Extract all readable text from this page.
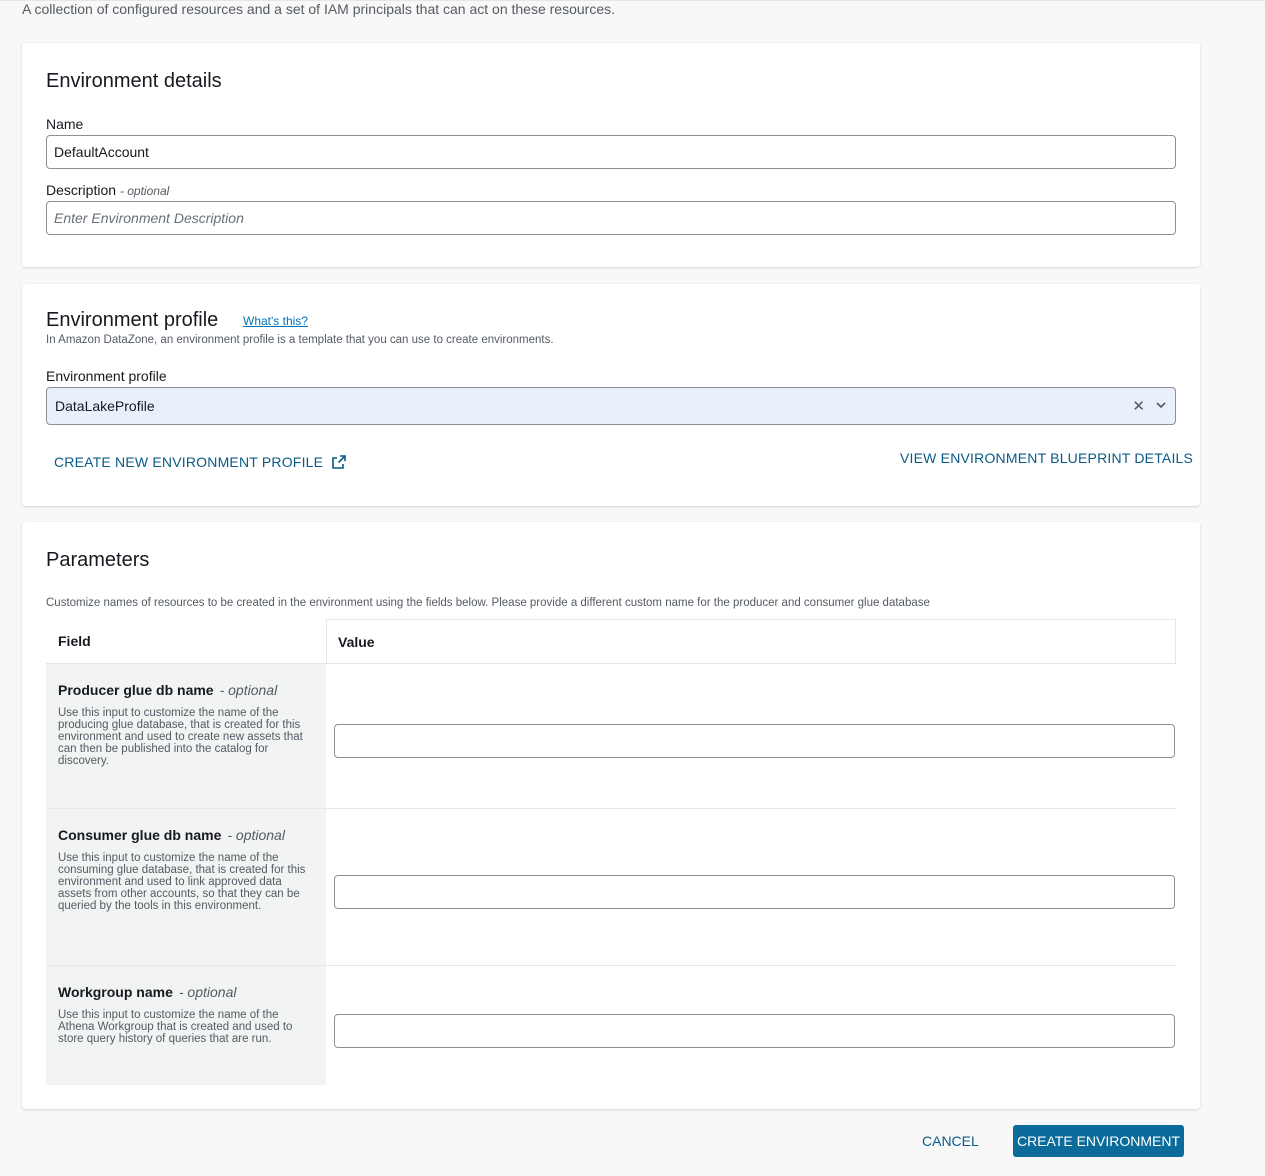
A collection of configured resources and a set of IAM principals that can act on these resources.
Environment details
Name
DefaultAccount
Description - optional
Enter Environment Description
Environment profile What's this?
In Amazon DataZone, an environment profile is a template that you can use to create environments.
Environment profile
DataLakeProfile	✕
CREATE NEW ENVIRONMENT PROFILE	VIEW ENVIRONMENT BLUEPRINT DETAILS
Parameters
Customize names of resources to be created in the environment using the fields below. Please provide a different custom name for the producer and consumer glue database
Field	Value
Producer glue db name - optional
Use this input to customize the name of the producing glue database, that is created for this environment and used to create new assets that can then be published into the catalog for discovery.
Consumer glue db name - optional
Use this input to customize the name of the consuming glue database, that is created for this environment and used to link approved data assets from other accounts, so that they can be queried by the tools in this environment.
Workgroup name - optional
Use this input to customize the name of the Athena Workgroup that is created and used to store query history of queries that are run.
CANCEL	CREATE ENVIRONMENT
